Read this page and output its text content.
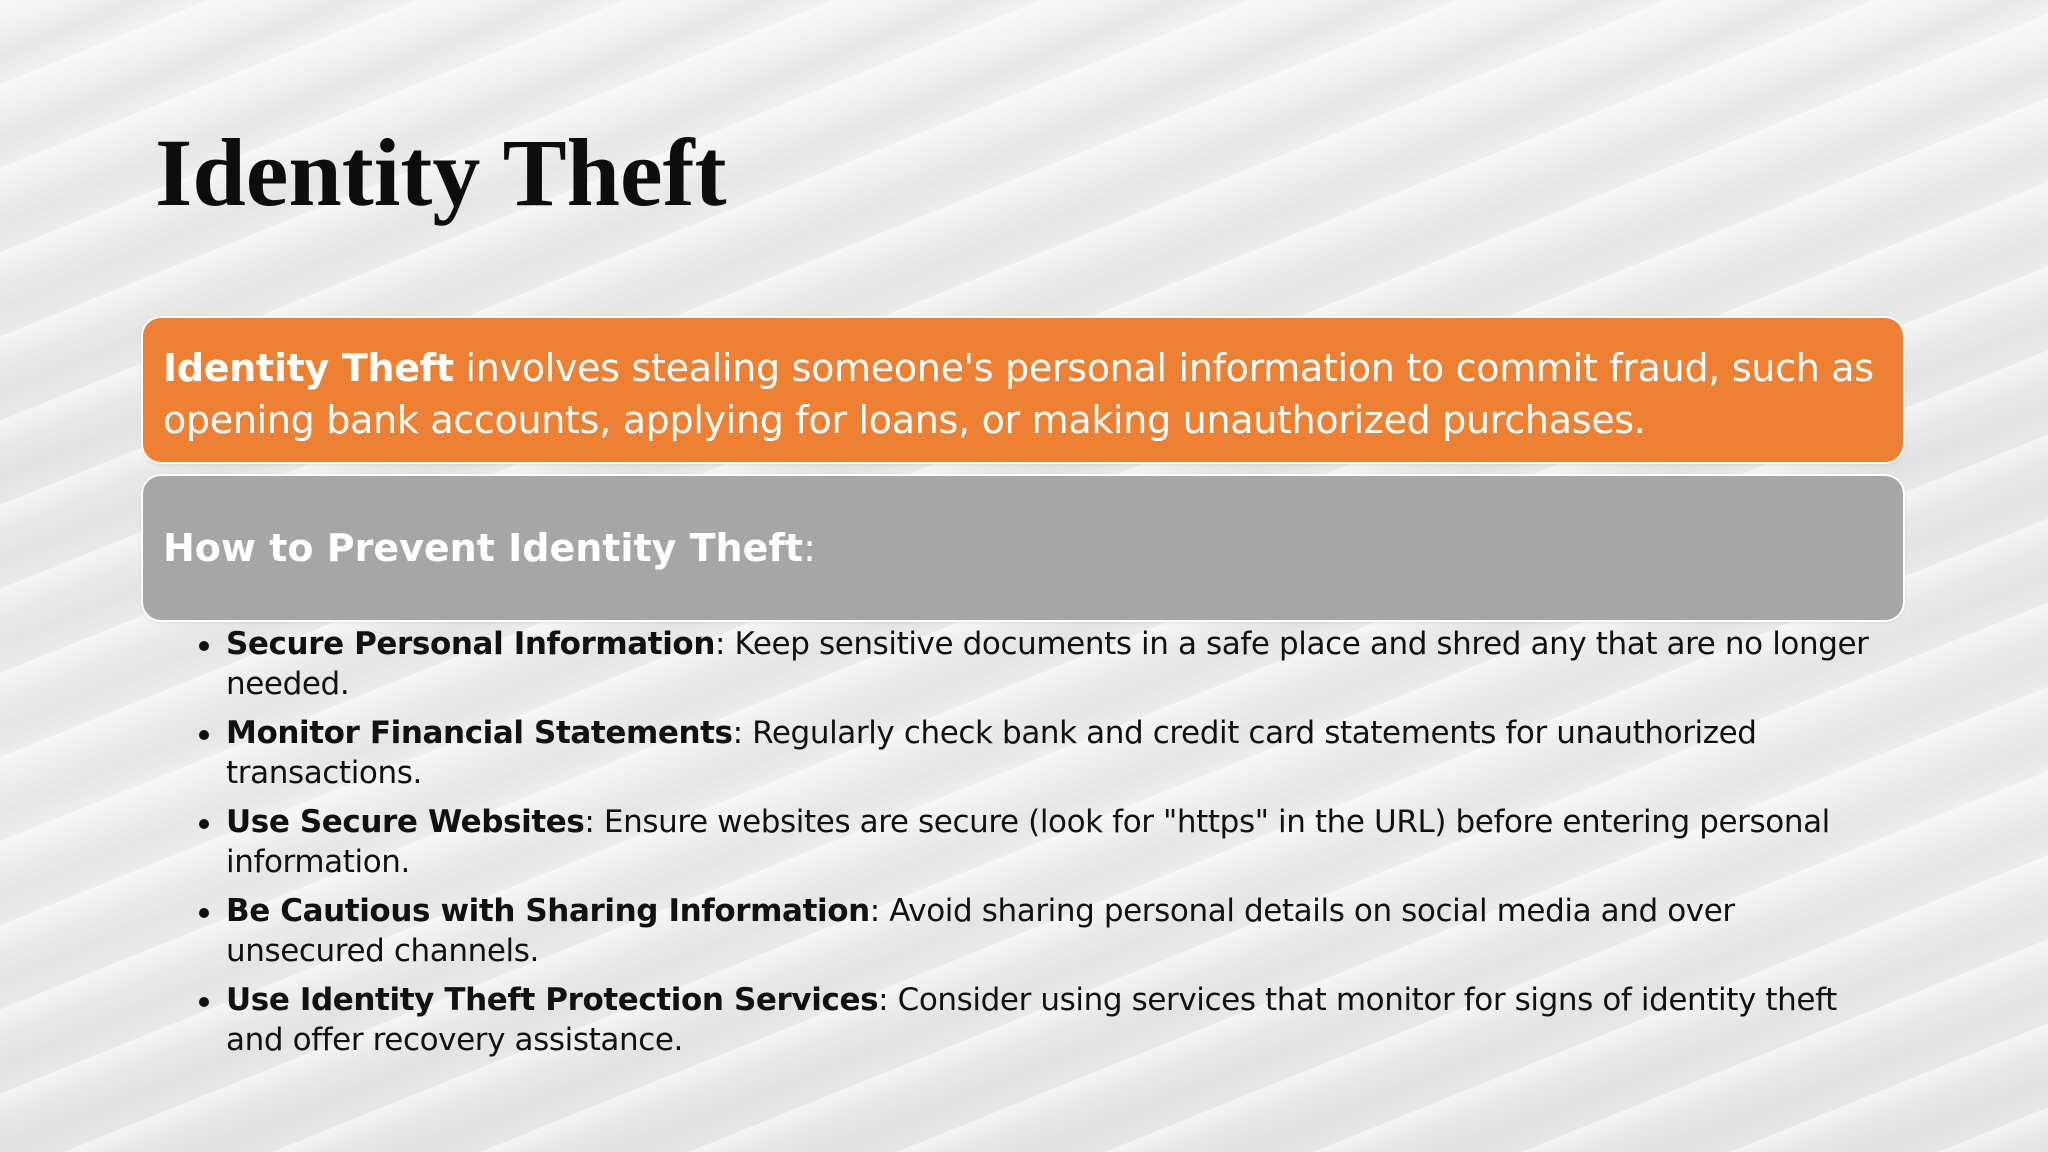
Identity Theft
Identity Theft involves stealing someone's personal information to commit fraud, such as opening bank accounts, applying for loans, or making unauthorized purchases.
How to Prevent Identity Theft :
Secure Personal Information: Keep sensitive documents in a safe place and shred any that are no longer needed.
Monitor Financial Statements: Regularly check bank and credit card statements for unauthorized transactions.
Use Secure Websites: Ensure websites are secure (look for "https" in the URL) before entering personal information.
Be Cautious with Sharing Information: Avoid sharing personal details on social media and over unsecured channels.
Use Identity Theft Protection Services: Consider using services that monitor for signs of identity theft and offer recovery assistance.
